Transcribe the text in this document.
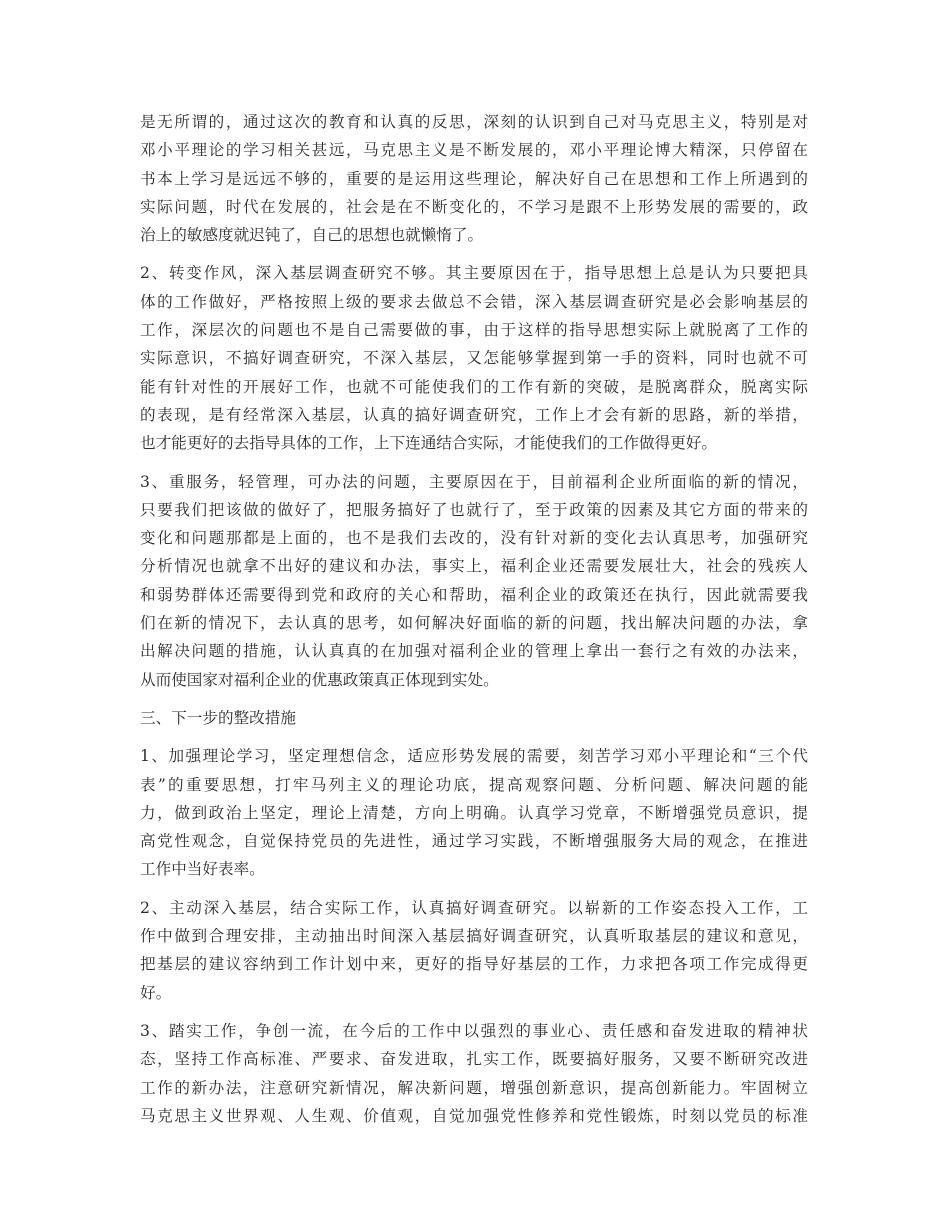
是无所谓的，通过这次的教育和认真的反思，深刻的认识到自己对马克思主义，特别是对
邓小平理论的学习相关甚远，马克思主义是不断发展的，邓小平理论博大精深，只停留在
书本上学习是远远不够的，重要的是运用这些理论，解决好自己在思想和工作上所遇到的
实际问题，时代在发展的，社会是在不断变化的，不学习是跟不上形势发展的需要的，政
治上的敏感度就迟钝了，自己的思想也就懒惰了。
2、转变作风，深入基层调查研究不够。其主要原因在于，指导思想上总是认为只要把具
体的工作做好，严格按照上级的要求去做总不会错，深入基层调查研究是必会影响基层的
工作，深层次的问题也不是自己需要做的事，由于这样的指导思想实际上就脱离了工作的
实际意识，不搞好调查研究，不深入基层，又怎能够掌握到第一手的资料，同时也就不可
能有针对性的开展好工作，也就不可能使我们的工作有新的突破，是脱离群众，脱离实际
的表现，是有经常深入基层，认真的搞好调查研究，工作上才会有新的思路，新的举措，
也才能更好的去指导具体的工作，上下连通结合实际，才能使我们的工作做得更好。
3、重服务，轻管理，可办法的问题，主要原因在于，目前福利企业所面临的新的情况，
只要我们把该做的做好了，把服务搞好了也就行了，至于政策的因素及其它方面的带来的
变化和问题那都是上面的，也不是我们去改的，没有针对新的变化去认真思考，加强研究
分析情况也就拿不出好的建议和办法，事实上，福利企业还需要发展壮大，社会的残疾人
和弱势群体还需要得到党和政府的关心和帮助，福利企业的政策还在执行，因此就需要我
们在新的情况下，去认真的思考，如何解决好面临的新的问题，找出解决问题的办法，拿
出解决问题的措施，认认真真的在加强对福利企业的管理上拿出一套行之有效的办法来，
从而使国家对福利企业的优惠政策真正体现到实处。
三、下一步的整改措施
1、加强理论学习，坚定理想信念，适应形势发展的需要，刻苦学习邓小平理论和“三个代
表”的重要思想，打牢马列主义的理论功底，提高观察问题、分析问题、解决问题的能
力，做到政治上坚定，理论上清楚，方向上明确。认真学习党章，不断增强党员意识，提
高党性观念，自觉保持党员的先进性，通过学习实践，不断增强服务大局的观念，在推进
工作中当好表率。
2、主动深入基层，结合实际工作，认真搞好调查研究。以崭新的工作姿态投入工作，工
作中做到合理安排，主动抽出时间深入基层搞好调查研究，认真听取基层的建议和意见，
把基层的建议容纳到工作计划中来，更好的指导好基层的工作，力求把各项工作完成得更
好。
3、踏实工作，争创一流，在今后的工作中以强烈的事业心、责任感和奋发进取的精神状
态，坚持工作高标准、严要求、奋发进取，扎实工作，既要搞好服务，又要不断研究改进
工作的新办法，注意研究新情况，解决新问题，增强创新意识，提高创新能力。牢固树立
马克思主义世界观、人生观、价值观，自觉加强党性修养和党性锻炼，时刻以党员的标准
